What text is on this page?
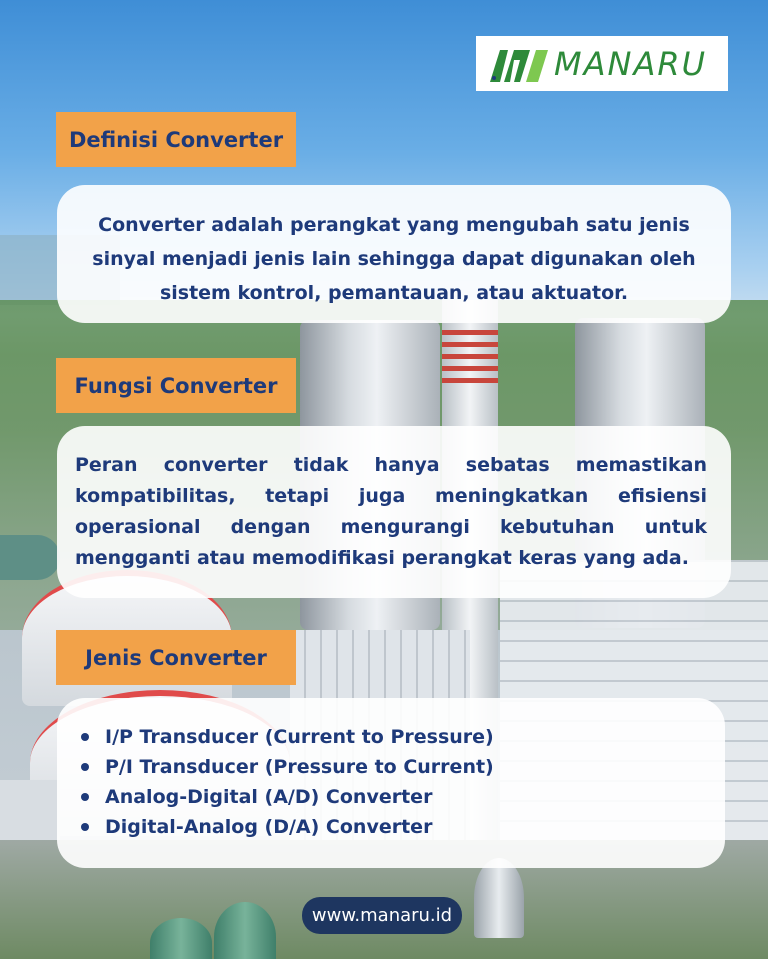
MANARU
Definisi Converter
Converter adalah perangkat yang mengubah satu jenis sinyal menjadi jenis lain sehingga dapat digunakan oleh sistem kontrol, pemantauan, atau aktuator.
Fungsi Converter

Peran converter tidak hanya sebatas memastikan kompatibilitas, tetapi juga meningkatkan efisiensi operasional dengan mengurangi kebutuhan untuk mengganti atau memodifikasi perangkat keras yang ada.

Jenis Converter
I/P Transducer (Current to Pressure)
P/I Transducer (Pressure to Current)
Analog-Digital (A/D) Converter
Digital-Analog (D/A) Converter
www.manaru.id
